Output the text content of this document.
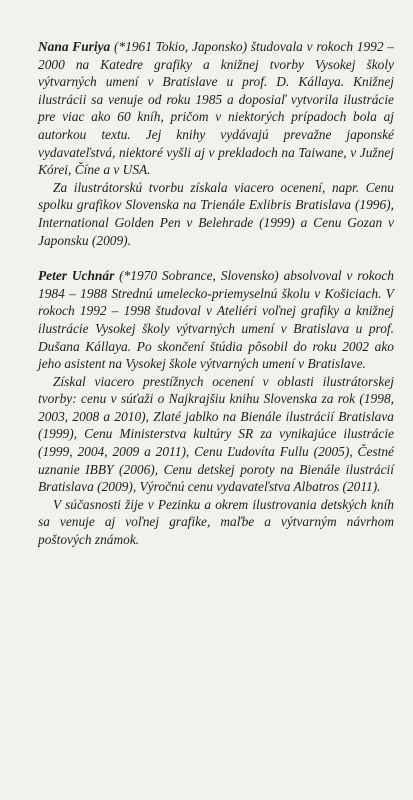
Nana Furiya (*1961 Tokio, Japonsko) študovala v rokoch 1992 – 2000 na Katedre grafiky a knižnej tvorby Vysokej školy výtvarných umení v Bratislave u prof. D. Kállaya. Knižnej ilustrácii sa venuje od roku 1985 a doposiaľ vytvorila ilustrácie pre viac ako 60 kníh, pričom v niektorých prípadoch bola aj autorkou textu. Jej knihy vydávajú prevažne japonské vydavateľstvá, niektoré vyšli aj v prekladoch na Taiwane, v Južnej Kórei, Číne a v USA.

Za ilustrátorskú tvorbu získala viacero ocenení, napr. Cenu spolku grafikov Slovenska na Trienále Exlibris Bratislava (1996), International Golden Pen v Belehrade (1999) a Cenu Gozan v Japonsku (2009).

Peter Uchnár (*1970 Sobrance, Slovensko) absolvoval v rokoch 1984 – 1988 Strednú umelecko-priemyselnú školu v Košiciach. V rokoch 1992 – 1998 študoval v Ateliéri voľnej grafiky a knižnej ilustrácie Vysokej školy výtvarných umení v Bratislava u prof. Dušana Kállaya. Po skončení štúdia pôsobil do roku 2002 ako jeho asistent na Vysokej škole výtvarných umení v Bratislave.

Získal viacero prestížnych ocenení v oblasti ilustrátorskej tvorby: cenu v súťaži o Najkrajšiu knihu Slovenska za rok (1998, 2003, 2008 a 2010), Zlaté jablko na Bienále ilustrácií Bratislava (1999), Cenu Ministerstva kultúry SR za vynikajúce ilustrácie (1999, 2004, 2009 a 2011), Cenu Ľudovíta Fullu (2005), Čestné uznanie IBBY (2006), Cenu detskej poroty na Bienále ilustrácií Bratislava (2009), Výročnú cenu vydavateľstva Albatros (2011).

V súčasnosti žije v Pezinku a okrem ilustrovania detských kníh sa venuje aj voľnej grafike, maľbe a výtvarným návrhom poštových známok.
